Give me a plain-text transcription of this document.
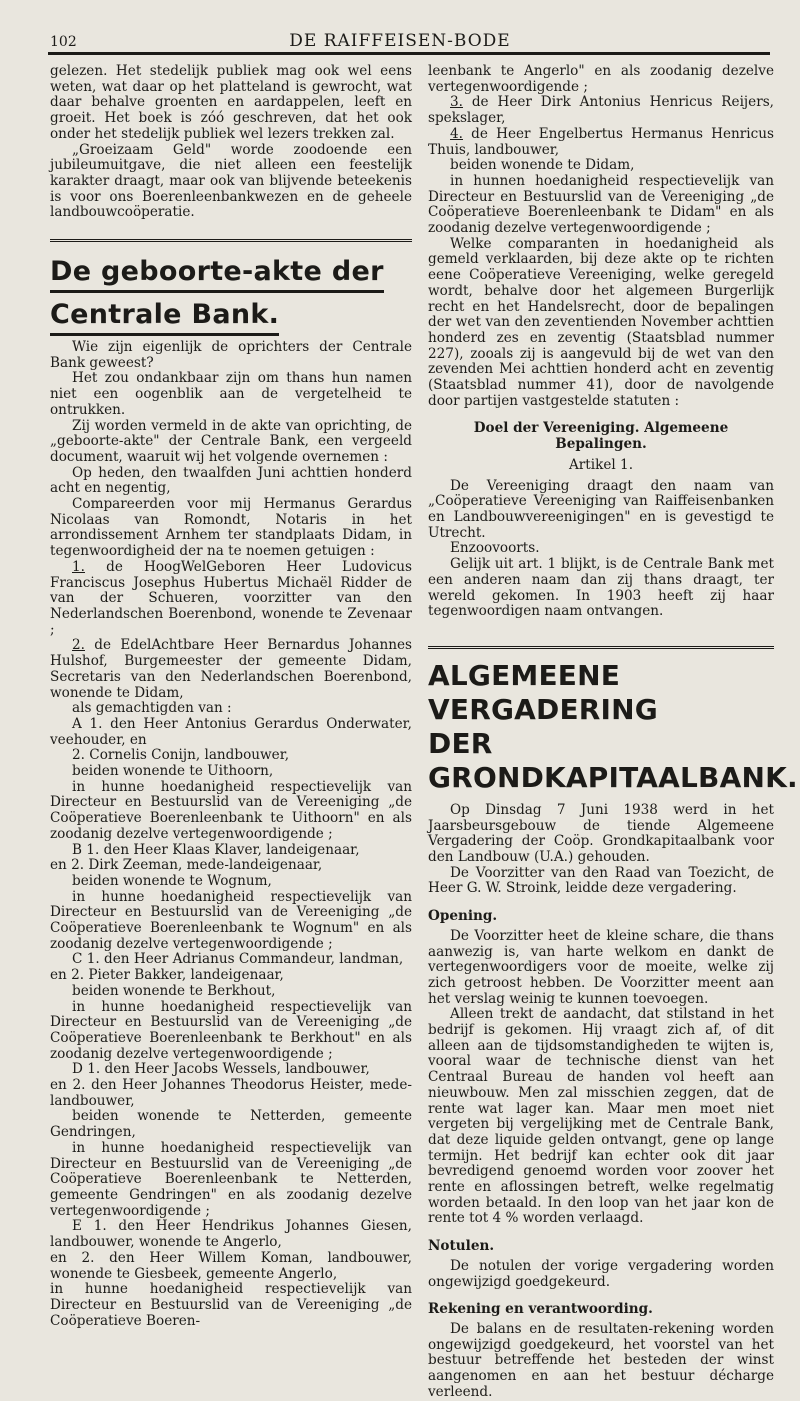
102	DE RAIFFEISEN-BODE

gelezen. Het stedelijk publiek mag ook wel eens weten, wat daar op het platteland is gewrocht, wat daar behalve groenten en aardappelen, leeft en groeit. Het boek is zóó geschreven, dat het ook onder het stedelijk publiek wel lezers trekken zal.

„Groeizaam Geld" worde zoodoende een jubileumuitgave, die niet alleen een feestelijk karakter draagt, maar ook van blijvende beteekenis is voor ons Boerenleenbankwezen en de geheele landbouwcoöperatie.

De geboorte-akte der
Centrale Bank.

Wie zijn eigenlijk de oprichters der Centrale Bank geweest?

Het zou ondankbaar zijn om thans hun namen niet een oogenblik aan de vergetelheid te ontrukken.

Zij worden vermeld in de akte van oprichting, de „geboorte-akte" der Centrale Bank, een vergeeld document, waaruit wij het volgende overnemen :

Op heden, den twaalfden Juni achttien honderd acht en negentig,

Compareerden voor mij Hermanus Gerardus Nicolaas van Romondt, Notaris in het arrondissement Arnhem ter standplaats Didam, in tegenwoordigheid der na te noemen getuigen :

1. de HoogWelGeboren Heer Ludovicus Franciscus Josephus Hubertus Michaël Ridder de van der Schueren, voorzitter van den Nederlandschen Boerenbond, wonende te Zevenaar ;

2. de EdelAchtbare Heer Bernardus Johannes Hulshof, Burgemeester der gemeente Didam, Secretaris van den Nederlandschen Boerenbond, wonende te Didam,

als gemachtigden van :

A 1. den Heer Antonius Gerardus Onderwater, veehouder, en

2. Cornelis Conijn, landbouwer,

beiden wonende te Uithoorn,

in hunne hoedanigheid respectievelijk van Directeur en Bestuurslid van de Vereeniging „de Coöperatieve Boerenleenbank te Uithoorn" en als zoodanig dezelve vertegenwoordigende ;

B 1. den Heer Klaas Klaver, landeigenaar,

en 2. Dirk Zeeman, mede-landeigenaar,

beiden wonende te Wognum,

in hunne hoedanigheid respectievelijk van Directeur en Bestuurslid van de Vereeniging „de Coöperatieve Boerenleenbank te Wognum" en als zoodanig dezelve vertegenwoordigende ;

C 1. den Heer Adrianus Commandeur, landman,

en 2. Pieter Bakker, landeigenaar,

beiden wonende te Berkhout,

in hunne hoedanigheid respectievelijk van Directeur en Bestuurslid van de Vereeniging „de Coöperatieve Boerenleenbank te Berkhout" en als zoodanig dezelve vertegenwoordigende ;

D 1. den Heer Jacobs Wessels, landbouwer,

en 2. den Heer Johannes Theodorus Heister, mede-landbouwer,

beiden wonende te Netterden, gemeente Gendringen,

in hunne hoedanigheid respectievelijk van Directeur en Bestuurslid van de Vereeniging „de Coöperatieve Boerenleenbank te Netterden, gemeente Gendringen" en als zoodanig dezelve vertegenwoordigende ;

E 1. den Heer Hendrikus Johannes Giesen, landbouwer, wonende te Angerlo,

en 2. den Heer Willem Koman, landbouwer, wonende te Giesbeek, gemeente Angerlo,

in hunne hoedanigheid respectievelijk van Directeur en Bestuurslid van de Vereeniging „de Coöperatieve Boeren-

leenbank te Angerlo" en als zoodanig dezelve vertegenwoordigende ;

3. de Heer Dirk Antonius Henricus Reijers, spekslager,

4. de Heer Engelbertus Hermanus Henricus Thuis, landbouwer,

beiden wonende te Didam,

in hunnen hoedanigheid respectievelijk van Directeur en Bestuurslid van de Vereeniging „de Coöperatieve Boerenleenbank te Didam" en als zoodanig dezelve vertegenwoordigende ;

Welke comparanten in hoedanigheid als gemeld verklaarden, bij deze akte op te richten eene Coöperatieve Vereeniging, welke geregeld wordt, behalve door het algemeen Burgerlijk recht en het Handelsrecht, door de bepalingen der wet van den zeventienden November achttien honderd zes en zeventig (Staatsblad nummer 227), zooals zij is aangevuld bij de wet van den zevenden Mei achttien honderd acht en zeventig (Staatsblad nummer 41), door de navolgende door partijen vastgestelde statuten :

Doel der Vereeniging. Algemeene Bepalingen.

Artikel 1.

De Vereeniging draagt den naam van „Coöperatieve Vereeniging van Raiffeisenbanken en Landbouwvereenigingen" en is gevestigd te Utrecht.

Enzoovoorts.

Gelijk uit art. 1 blijkt, is de Centrale Bank met een anderen naam dan zij thans draagt, ter wereld gekomen. In 1903 heeft zij haar tegenwoordigen naam ontvangen.

ALGEMEENE VERGADERING
DER GRONDKAPITAALBANK.

Op Dinsdag 7 Juni 1938 werd in het Jaarsbeursgebouw de tiende Algemeene Vergadering der Coöp. Grondkapitaalbank voor den Landbouw (U.A.) gehouden.

De Voorzitter van den Raad van Toezicht, de Heer G. W. Stroink, leidde deze vergadering.

Opening.

De Voorzitter heet de kleine schare, die thans aanwezig is, van harte welkom en dankt de vertegenwoordigers voor de moeite, welke zij zich getroost hebben. De Voorzitter meent aan het verslag weinig te kunnen toevoegen.

Alleen trekt de aandacht, dat stilstand in het bedrijf is gekomen. Hij vraagt zich af, of dit alleen aan de tijdsomstandigheden te wijten is, vooral waar de technische dienst van het Centraal Bureau de handen vol heeft aan nieuwbouw. Men zal misschien zeggen, dat de rente wat lager kan. Maar men moet niet vergeten bij vergelijking met de Centrale Bank, dat deze liquide gelden ontvangt, gene op lange termijn. Het bedrijf kan echter ook dit jaar bevredigend genoemd worden voor zoover het rente en aflossingen betreft, welke regelmatig worden betaald. In den loop van het jaar kon de rente tot 4 % worden verlaagd.

Notulen.

De notulen der vorige vergadering worden ongewijzigd goedgekeurd.

Rekening en verantwoording.

De balans en de resultaten-rekening worden ongewijzigd goedgekeurd, het voorstel van het bestuur betreffende het besteden der winst aangenomen en aan het bestuur décharge verleend.
